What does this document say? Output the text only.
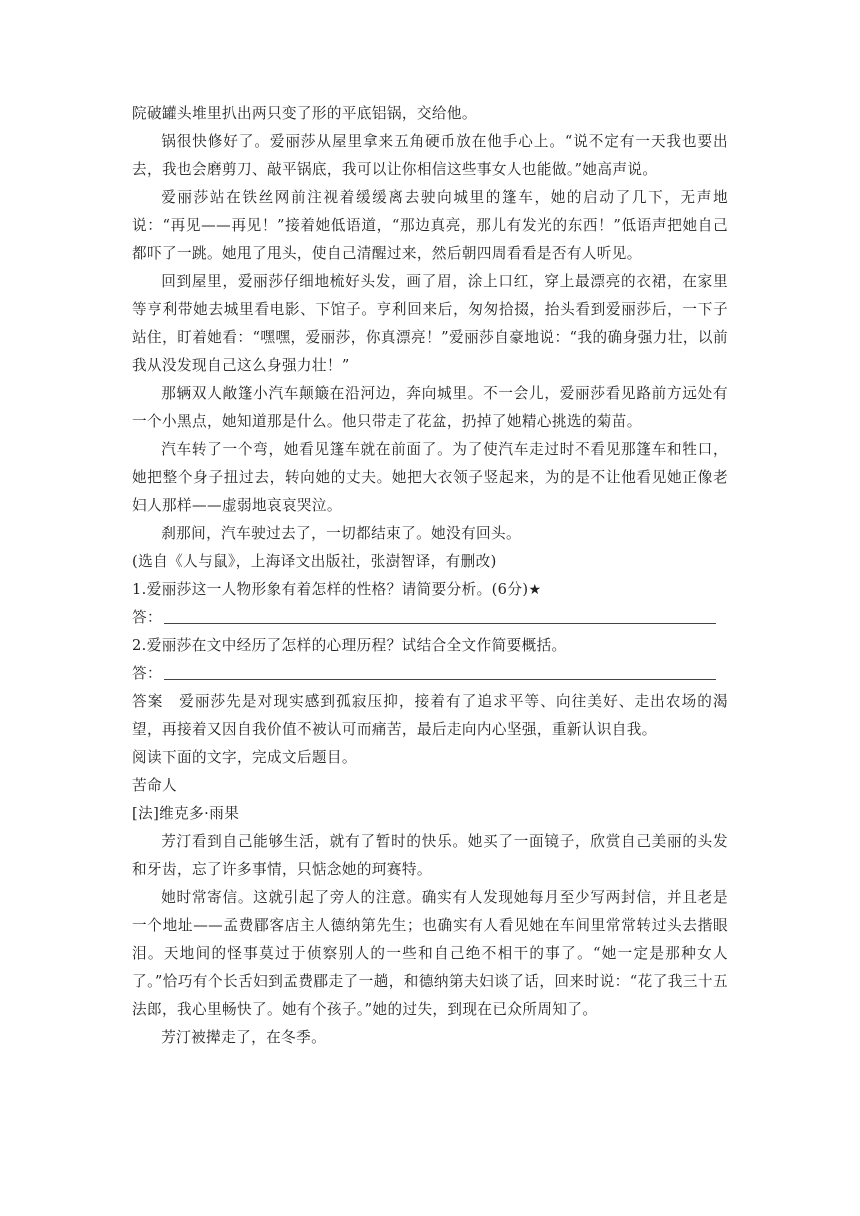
院破罐头堆里扒出两只变了形的平底铝锅，交给他。

锅很快修好了。爱丽莎从屋里拿来五角硬币放在他手心上。“说不定有一天我也要出去，我也会磨剪刀、敲平锅底，我可以让你相信这些事女人也能做。”她高声说。

爱丽莎站在铁丝网前注视着缓缓离去驶向城里的篷车，她的启动了几下，无声地说：“再见——再见！”接着她低语道，“那边真亮，那儿有发光的东西！”低语声把她自己都吓了一跳。她甩了甩头，使自己清醒过来，然后朝四周看看是否有人听见。

回到屋里，爱丽莎仔细地梳好头发，画了眉，涂上口红，穿上最漂亮的衣裙，在家里等亨利带她去城里看电影、下馆子。亨利回来后，匆匆拾掇，抬头看到爱丽莎后，一下子站住，盯着她看：“嘿嘿，爱丽莎，你真漂亮！”爱丽莎自豪地说：“我的确身强力壮，以前我从没发现自己这么身强力壮！”

那辆双人敞篷小汽车颠簸在沿河边，奔向城里。不一会儿，爱丽莎看见路前方远处有一个小黑点，她知道那是什么。他只带走了花盆，扔掉了她精心挑选的菊苗。

汽车转了一个弯，她看见篷车就在前面了。为了使汽车走过时不看见那篷车和牲口，她把整个身子扭过去，转向她的丈夫。她把大衣领子竖起来，为的是不让他看见她正像老妇人那样——虚弱地哀哀哭泣。

刹那间，汽车驶过去了，一切都结束了。她没有回头。

(选自《人与鼠》，上海译文出版社，张澍智译，有删改)

1.爱丽莎这一人物形象有着怎样的性格？请简要分析。(6分)★

答：

2.爱丽莎在文中经历了怎样的心理历程？试结合全文作简要概括。

答：

答案  爱丽莎先是对现实感到孤寂压抑，接着有了追求平等、向往美好、走出农场的渴望，再接着又因自我价值不被认可而痛苦，最后走向内心坚强，重新认识自我。

阅读下面的文字，完成文后题目。

苦命人

[法]维克多·雨果

芳汀看到自己能够生活，就有了暂时的快乐。她买了一面镜子，欣赏自己美丽的头发和牙齿，忘了许多事情，只惦念她的珂赛特。

她时常寄信。这就引起了旁人的注意。确实有人发现她每月至少写两封信，并且老是一个地址——孟费郿客店主人德纳第先生；也确实有人看见她在车间里常常转过头去揩眼泪。天地间的怪事莫过于侦察别人的一些和自己绝不相干的事了。“她一定是那种女人了。”恰巧有个长舌妇到孟费郿走了一趟，和德纳第夫妇谈了话，回来时说：“花了我三十五法郎，我心里畅快了。她有个孩子。”她的过失，到现在已众所周知了。

芳汀被撵走了，在冬季。
